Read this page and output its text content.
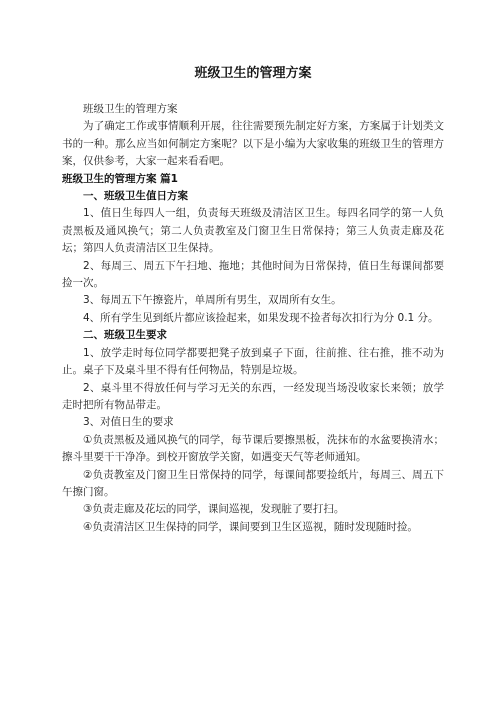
班级卫生的管理方案

班级卫生的管理方案

为了确定工作或事情顺利开展，往往需要预先制定好方案，方案属于计划类文书的一种。那么应当如何制定方案呢？以下是小编为大家收集的班级卫生的管理方案，仅供参考，大家一起来看看吧。

班级卫生的管理方案 篇1

一、班级卫生值日方案

1、值日生每四人一组，负责每天班级及清洁区卫生。每四名同学的第一人负责黑板及通风换气；第二人负责教室及门窗卫生日常保持；第三人负责走廊及花坛；第四人负责清洁区卫生保持。

2、每周三、周五下午扫地、拖地；其他时间为日常保持，值日生每课间都要捡一次。

3、每周五下午擦瓷片，单周所有男生，双周所有女生。

4、所有学生见到纸片都应该捡起来，如果发现不捡者每次扣行为分 0.1 分。

二、班级卫生要求

1、放学走时每位同学都要把凳子放到桌子下面，往前推、往右推，推不动为止。桌子下及桌斗里不得有任何物品，特别是垃圾。

2、桌斗里不得放任何与学习无关的东西，一经发现当场没收家长来领；放学走时把所有物品带走。

3、对值日生的要求

①负责黑板及通风换气的同学，每节课后要擦黑板，洗抹布的水盆要换清水；擦斗里要干干净净。到校开窗放学关窗，如遇变天气等老师通知。

②负责教室及门窗卫生日常保持的同学，每课间都要捡纸片，每周三、周五下午擦门窗。

③负责走廊及花坛的同学，课间巡视，发现脏了要打扫。

④负责清洁区卫生保持的同学，课间要到卫生区巡视，随时发现随时捡。
